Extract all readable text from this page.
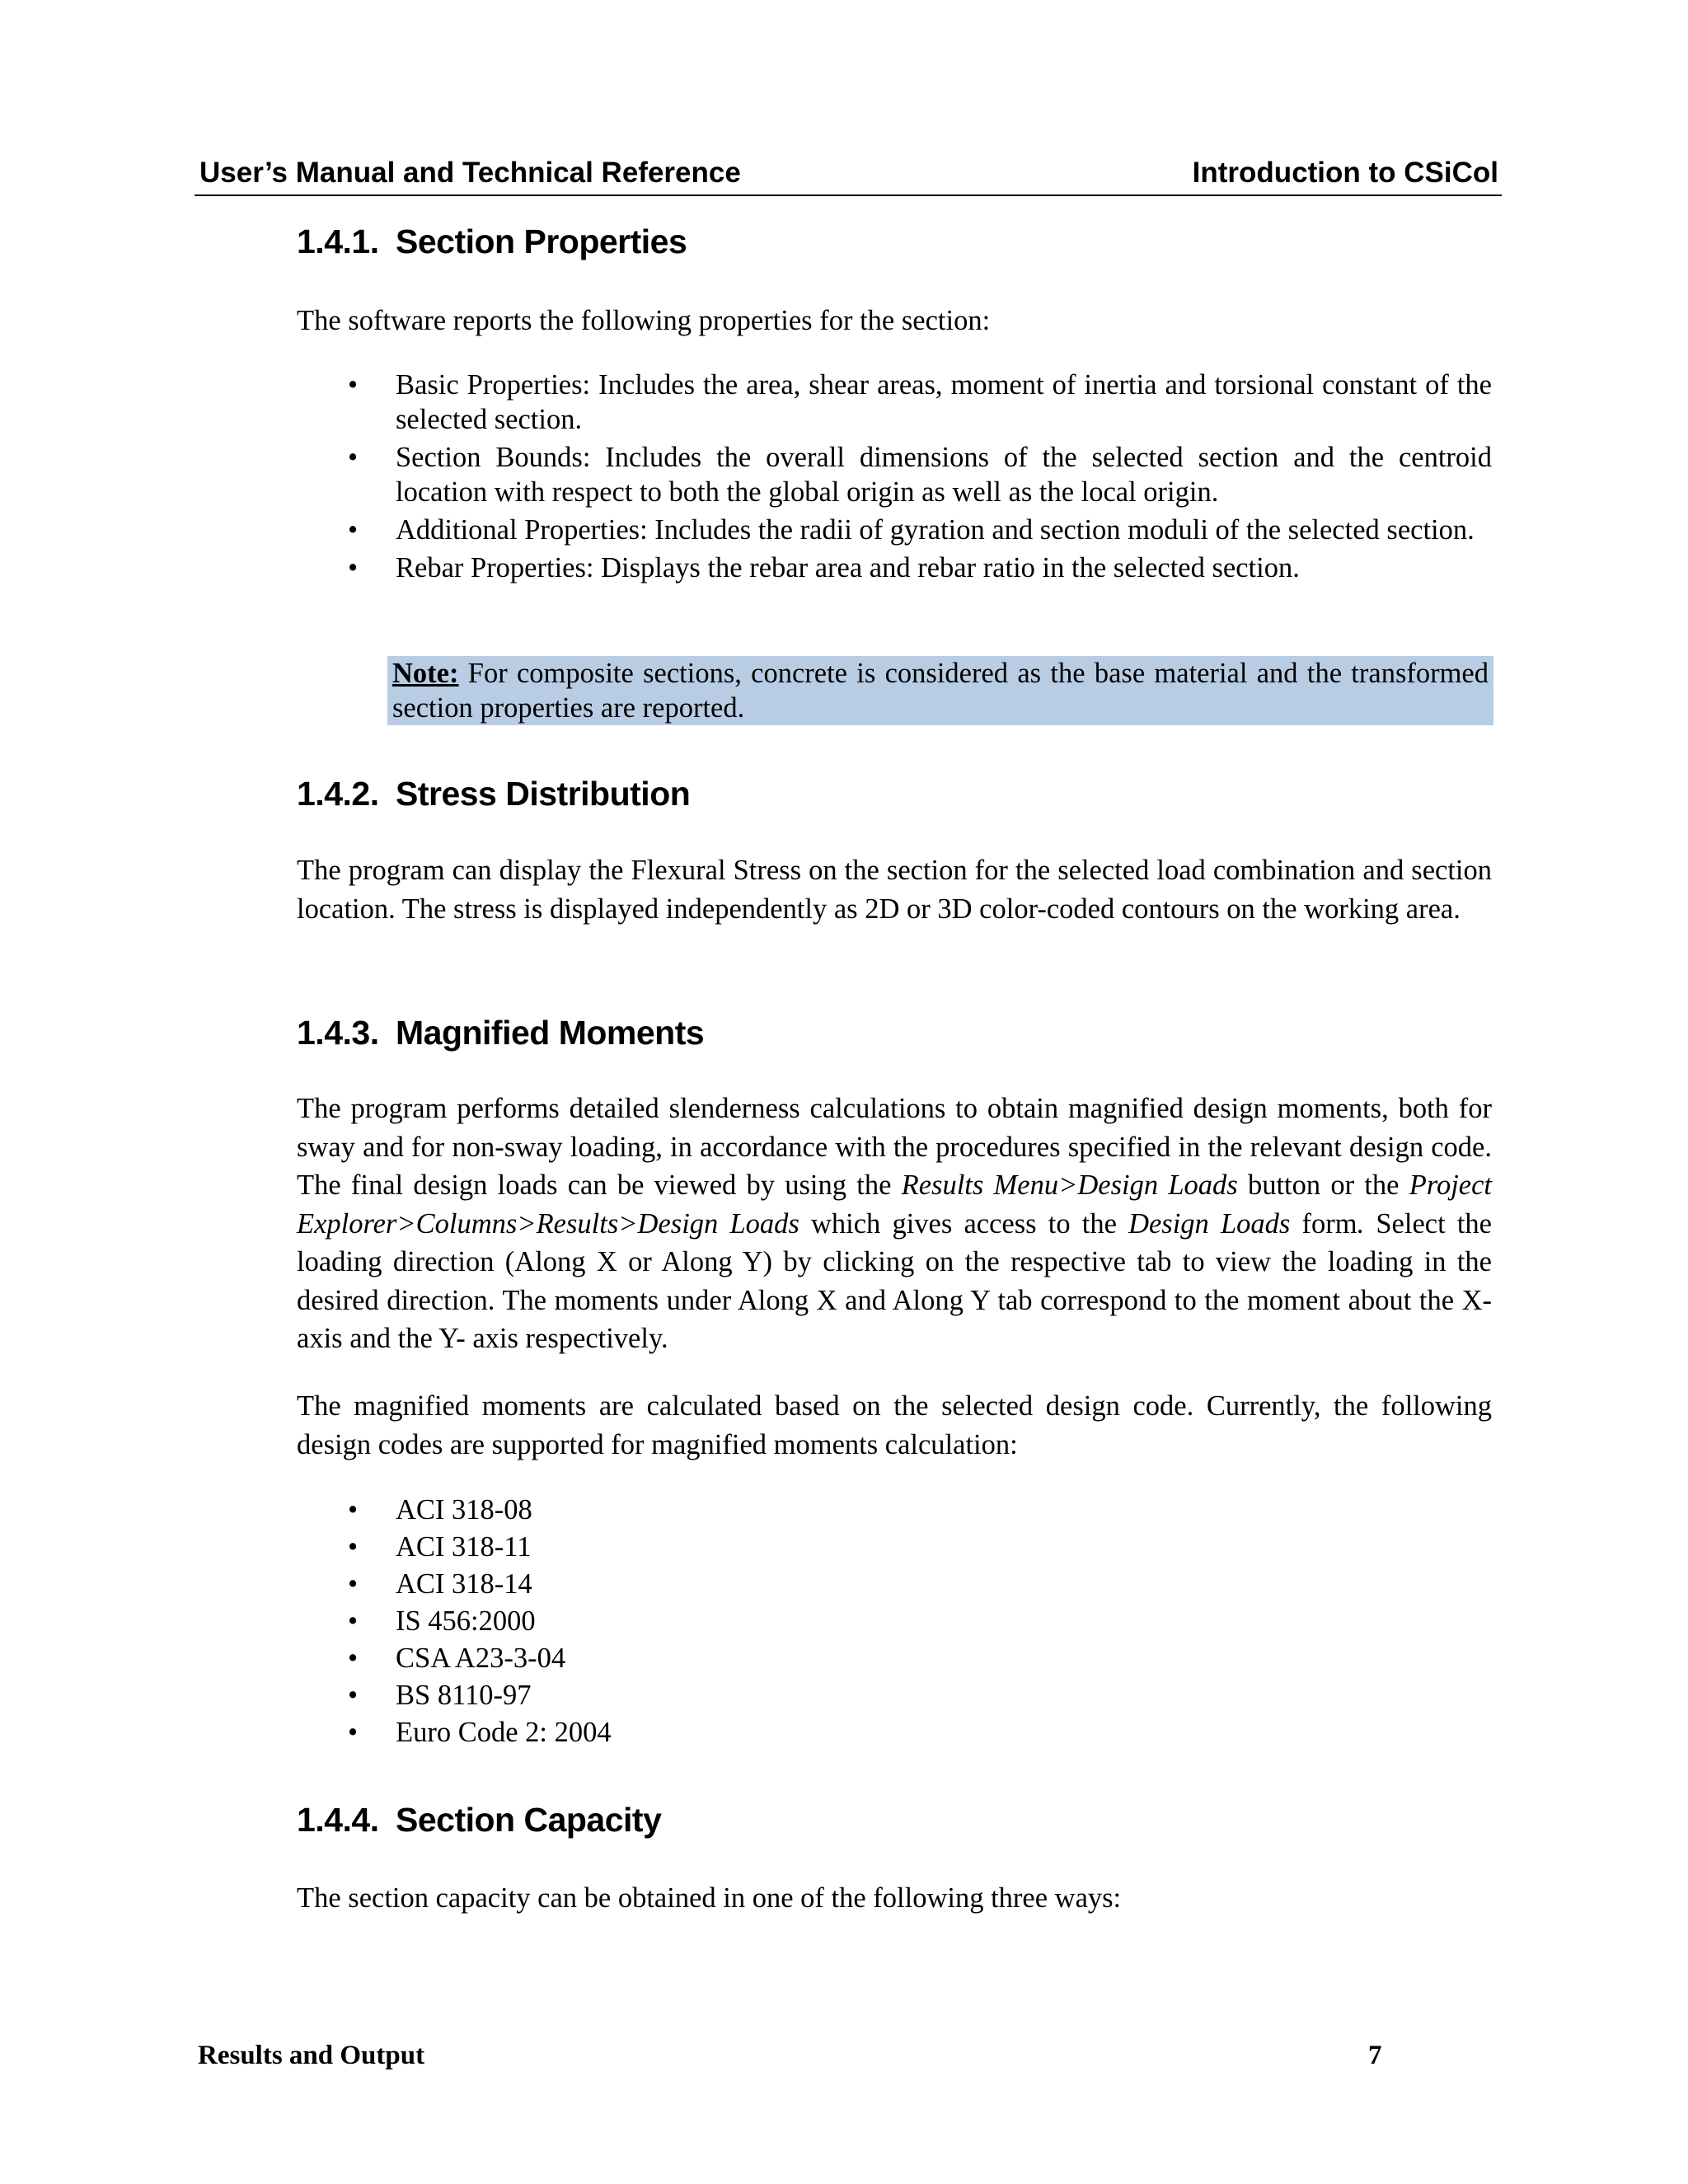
User’s Manual and Technical Reference	Introduction to CSiCol
1.4.1. Section Properties
The software reports the following properties for the section:
• Basic Properties: Includes the area, shear areas, moment of inertia and torsional constant of the selected section.
• Section Bounds: Includes the overall dimensions of the selected section and the centroid location with respect to both the global origin as well as the local origin.
• Additional Properties: Includes the radii of gyration and section moduli of the selected section.
• Rebar Properties: Displays the rebar area and rebar ratio in the selected section.
Note: For composite sections, concrete is considered as the base material and the transformed section properties are reported.
1.4.2. Stress Distribution
The program can display the Flexural Stress on the section for the selected load combination and section location. The stress is displayed independently as 2D or 3D color-coded contours on the working area.
1.4.3. Magnified Moments
The program performs detailed slenderness calculations to obtain magnified design moments, both for sway and for non-sway loading, in accordance with the procedures specified in the relevant design code. The final design loads can be viewed by using the Results Menu>Design Loads button or the Project Explorer>Columns>Results>Design Loads which gives access to the Design Loads form. Select the loading direction (Along X or Along Y) by clicking on the respective tab to view the loading in the desired direction. The moments under Along X and Along Y tab correspond to the moment about the X-axis and the Y- axis respectively.
The magnified moments are calculated based on the selected design code. Currently, the following design codes are supported for magnified moments calculation:
• ACI 318-08
• ACI 318-11
• ACI 318-14
• IS 456:2000
• CSA A23-3-04
• BS 8110-97
• Euro Code 2: 2004
1.4.4. Section Capacity
The section capacity can be obtained in one of the following three ways:
Results and Output	7
